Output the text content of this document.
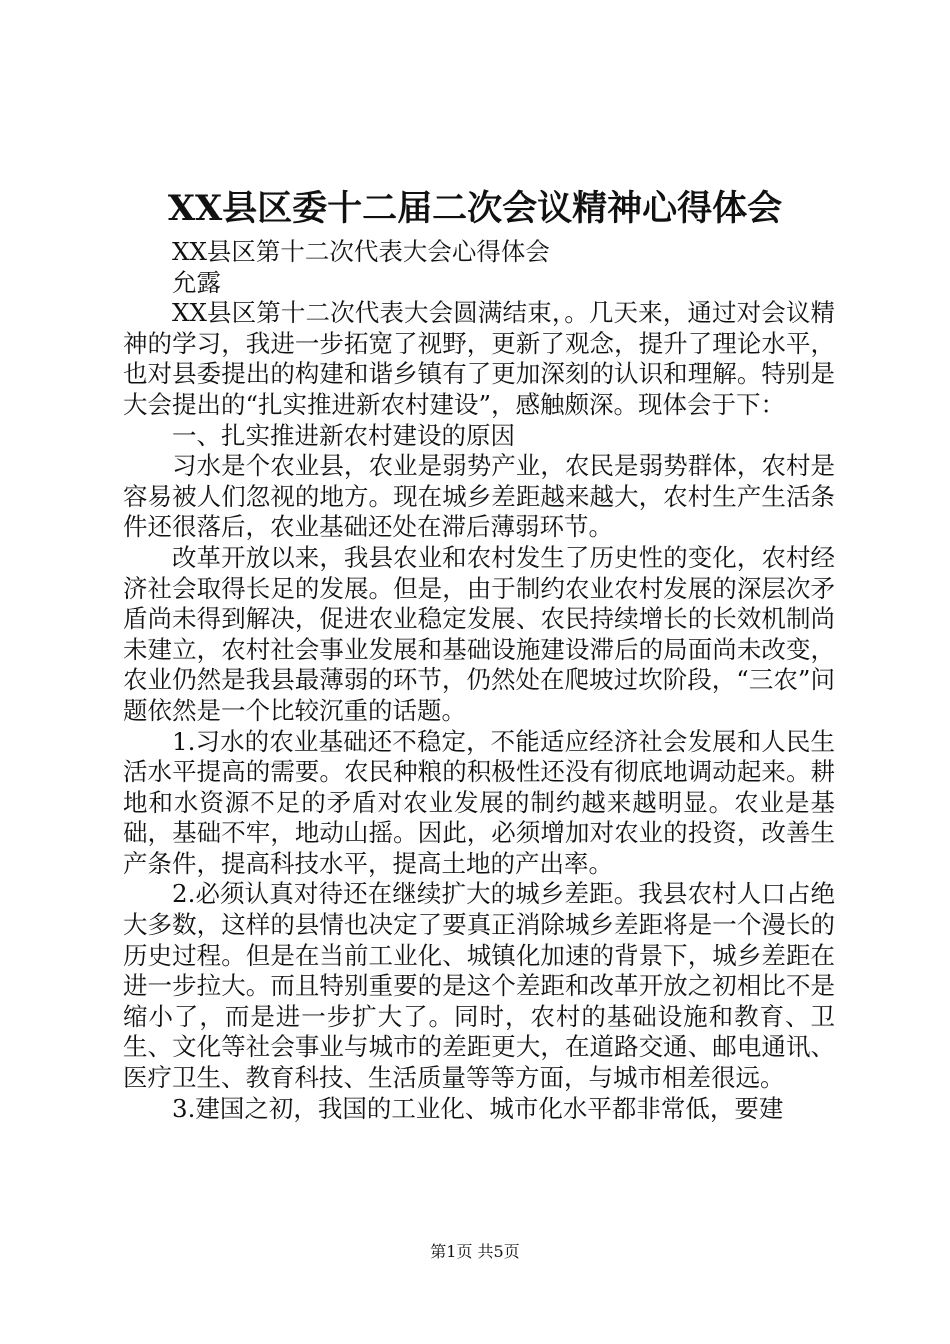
XX县区委十二届二次会议精神心得体会

XX县区第十二次代表大会心得体会

允露

XX县区第十二次代表大会圆满结束，。几天来，通过对会议精神的学习，我进一步拓宽了视野，更新了观念，提升了理论水平，也对县委提出的构建和谐乡镇有了更加深刻的认识和理解。特别是大会提出的“扎实推进新农村建设”，感触颇深。现体会于下：

一、扎实推进新农村建设的原因

习水是个农业县，农业是弱势产业，农民是弱势群体，农村是容易被人们忽视的地方。现在城乡差距越来越大，农村生产生活条件还很落后，农业基础还处在滞后薄弱环节。

改革开放以来，我县农业和农村发生了历史性的变化，农村经济社会取得长足的发展。但是，由于制约农业农村发展的深层次矛盾尚未得到解决，促进农业稳定发展、农民持续增长的长效机制尚未建立，农村社会事业发展和基础设施建设滞后的局面尚未改变，农业仍然是我县最薄弱的环节，仍然处在爬坡过坎阶段，“三农”问题依然是一个比较沉重的话题。

1.习水的农业基础还不稳定，不能适应经济社会发展和人民生活水平提高的需要。农民种粮的积极性还没有彻底地调动起来。耕地和水资源不足的矛盾对农业发展的制约越来越明显。农业是基础，基础不牢，地动山摇。因此，必须增加对农业的投资，改善生产条件，提高科技水平，提高土地的产出率。

2.必须认真对待还在继续扩大的城乡差距。我县农村人口占绝大多数，这样的县情也决定了要真正消除城乡差距将是一个漫长的历史过程。但是在当前工业化、城镇化加速的背景下，城乡差距在进一步拉大。而且特别重要的是这个差距和改革开放之初相比不是缩小了，而是进一步扩大了。同时，农村的基础设施和教育、卫生、文化等社会事业与城市的差距更大，在道路交通、邮电通讯、医疗卫生、教育科技、生活质量等等方面，与城市相差很远。

3.建国之初，我国的工业化、城市化水平都非常低，要建

第1页 共5页
